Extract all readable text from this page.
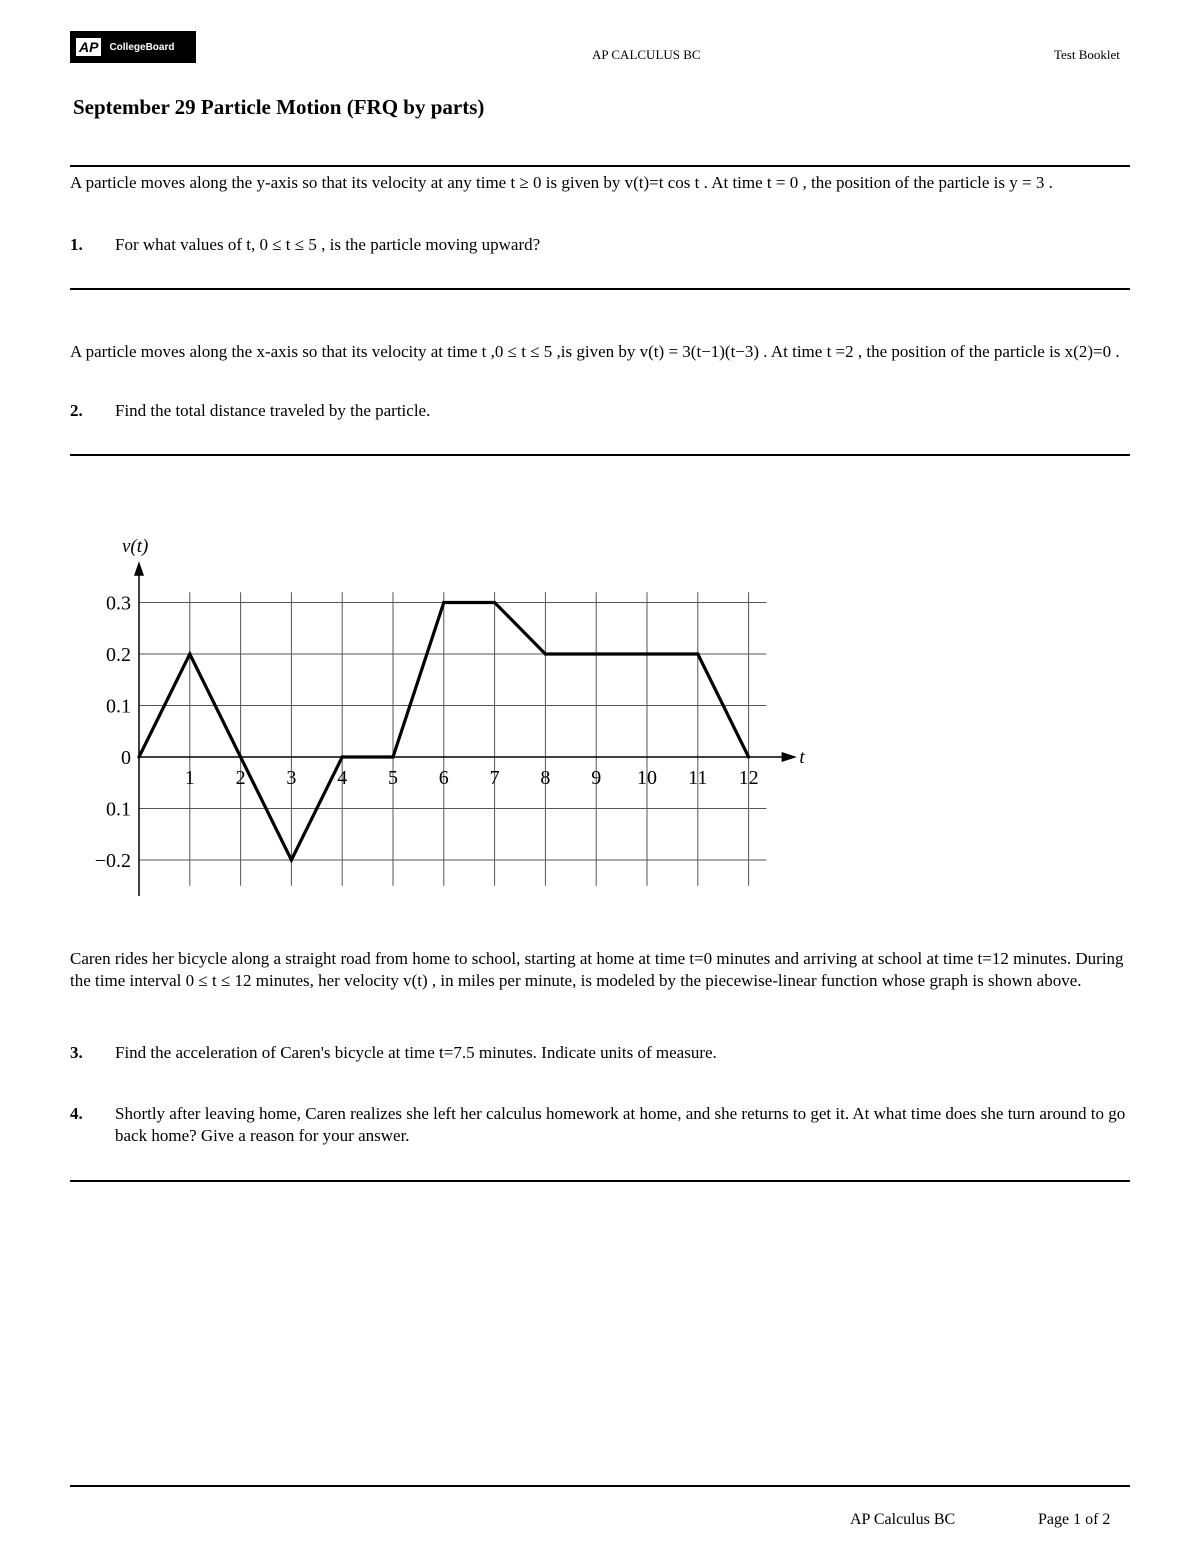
AP	CollegeBoard	AP CALCULUS BC	Test Booklet
September 29 Particle Motion (FRQ by parts)
A particle moves along the y-axis so that its velocity at any time t ≥ 0 is given by v(t)=t cos t . At time t = 0 , the position of the particle is y = 3 .
1. For what values of t, 0 ≤ t ≤ 5 , is the particle moving upward?
A particle moves along the x-axis so that its velocity at time t ,0 ≤ t ≤ 5 ,is given by v(t) = 3(t−1)(t−3) . At time t =2 , the position of the particle is x(2)=0 .
2. Find the total distance traveled by the particle.
v(t)
t
0.3
0.2
0.1
0
0.1
−0.2
1 2 3 4 5 6 7 8 9 10 11 12
Caren rides her bicycle along a straight road from home to school, starting at home at time t=0 minutes and arriving at school at time t=12 minutes. During the time interval 0 ≤ t ≤ 12 minutes, her velocity v(t) , in miles per minute, is modeled by the piecewise-linear function whose graph is shown above.
3. Find the acceleration of Caren's bicycle at time t=7.5 minutes. Indicate units of measure.
4. Shortly after leaving home, Caren realizes she left her calculus homework at home, and she returns to get it. At what time does she turn around to go back home? Give a reason for your answer.
AP Calculus BC	Page 1 of 2
